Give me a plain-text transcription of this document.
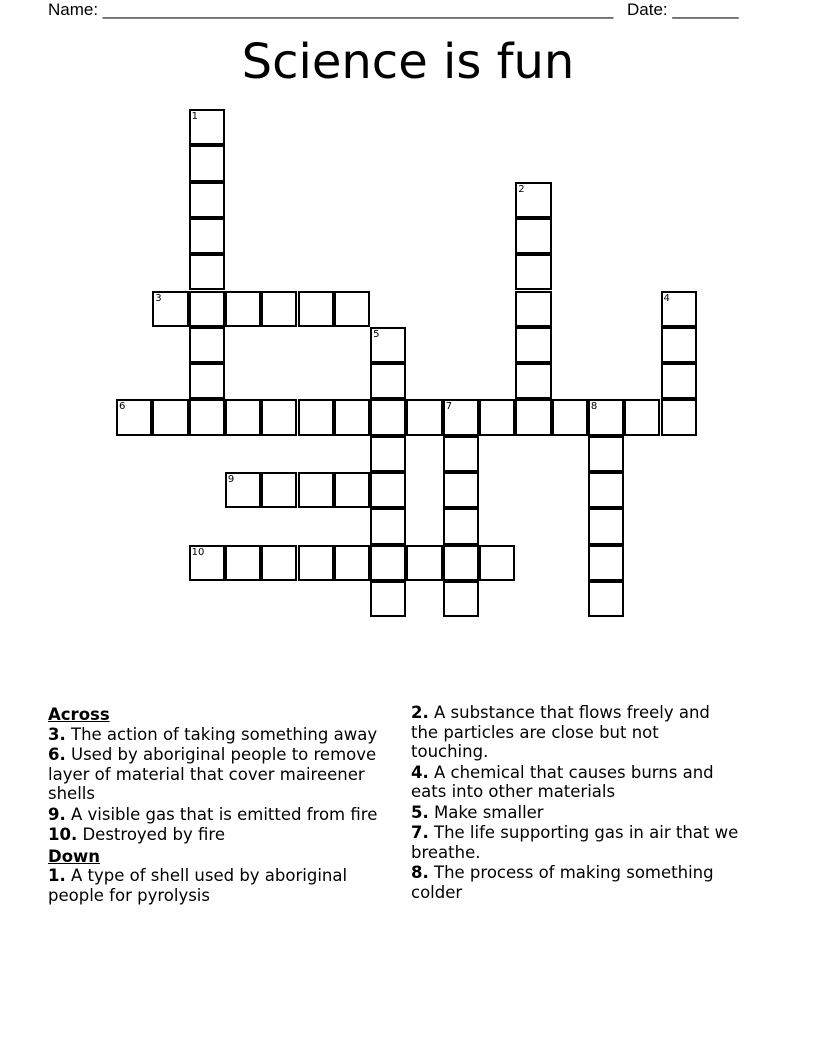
Name: ______________________________________________________ Date: _______
Science is fun
1
2
3	4
5
6	7	8
9
10
Across
3. The action of taking something away
6. Used by aboriginal people to remove layer of material that cover maireener shells
9. A visible gas that is emitted from fire
10. Destroyed by fire
Down
1. A type of shell used by aboriginal people for pyrolysis
2. A substance that flows freely and the particles are close but not touching.
4. A chemical that causes burns and eats into other materials
5. Make smaller
7. The life supporting gas in air that we breathe.
8. The process of making something colder
